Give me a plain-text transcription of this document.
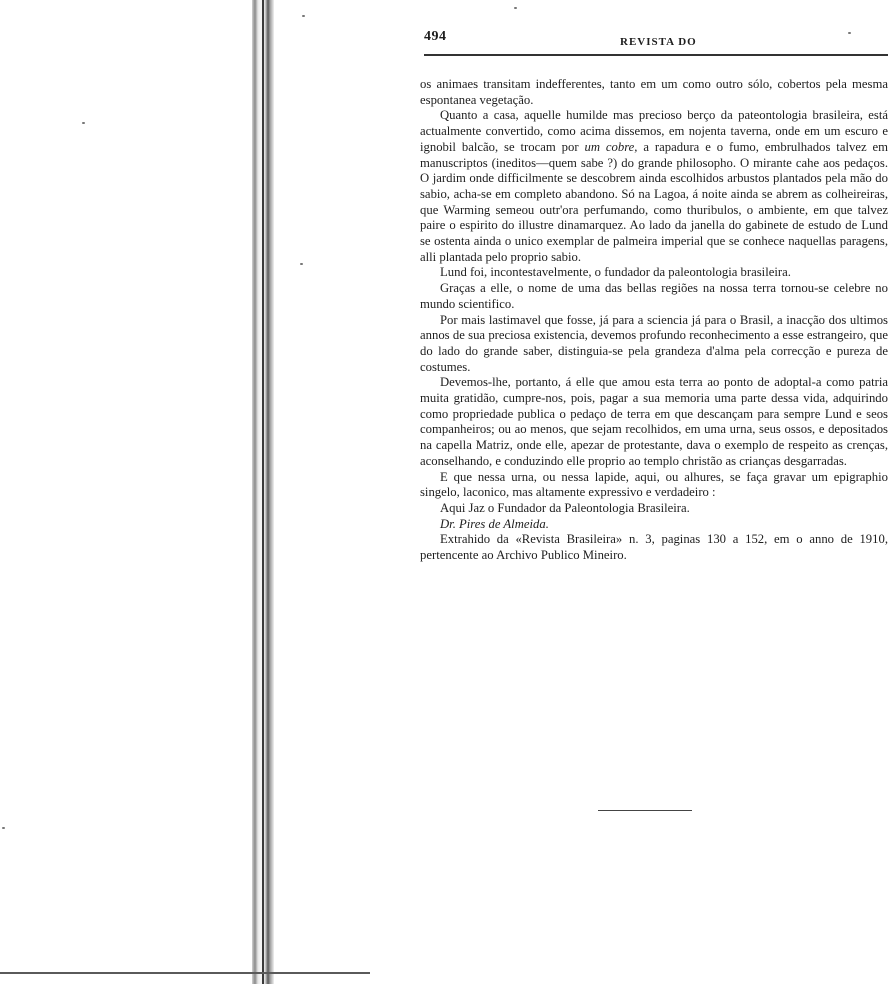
494	REVISTA DO

os animaes transitam indefferentes, tanto em um como outro sólo, cobertos pela mesma espontanea vegetação.

Quanto a casa, aquelle humilde mas precioso berço da pateontologia brasileira, está actualmente convertido, como acima dissemos, em nojenta taverna, onde em um escuro e ignobil balcão, se trocam por um cobre, a rapadura e o fumo, embrulhados talvez em manuscriptos (ineditos—quem sabe ?) do grande philosopho. O mirante cahe aos pedaços. O jardim onde difficilmente se descobrem ainda escolhidos arbustos plantados pela mão do sabio, acha-se em completo abandono. Só na Lagoa, á noite ainda se abrem as colheireiras, que Warming semeou outr'ora perfumando, como thuribulos, o ambiente, em que talvez paire o espirito do illustre dinamarquez. Ao lado da janella do gabinete de estudo de Lund se ostenta ainda o unico exemplar de palmeira imperial que se conhece naquellas paragens, alli plantada pelo proprio sabio.

Lund foi, incontestavelmente, o fundador da paleontologia brasileira.

Graças a elle, o nome de uma das bellas regiões na nossa terra tornou-se celebre no mundo scientifico.

Por mais lastimavel que fosse, já para a sciencia já para o Brasil, a inacção dos ultimos annos de sua preciosa existencia, devemos profundo reconhecimento a esse estrangeiro, que do lado do grande saber, distinguia-se pela grandeza d'alma pela correcção e pureza de costumes.

Devemos-lhe, portanto, á elle que amou esta terra ao ponto de adoptal-a como patria muita gratidão, cumpre-nos, pois, pagar a sua memoria uma parte dessa vida, adquirindo como propriedade publica o pedaço de terra em que descançam para sempre Lund e seos companheiros; ou ao menos, que sejam recolhidos, em uma urna, seus ossos, e depositados na capella Matriz, onde elle, apezar de protestante, dava o exemplo de respeito as crenças, aconselhando, e conduzindo elle proprio ao templo christão as crianças desgarradas.

E que nessa urna, ou nessa lapide, aqui, ou alhures, se faça gravar um epigraphio singelo, laconico, mas altamente expressivo e verdadeiro :

Aqui Jaz o Fundador da Paleontologia Brasileira.

Dr. Pires de Almeida.

Extrahido da «Revista Brasileira» n. 3, paginas 130 a 152, em o anno de 1910, pertencente ao Archivo Publico Mineiro.
